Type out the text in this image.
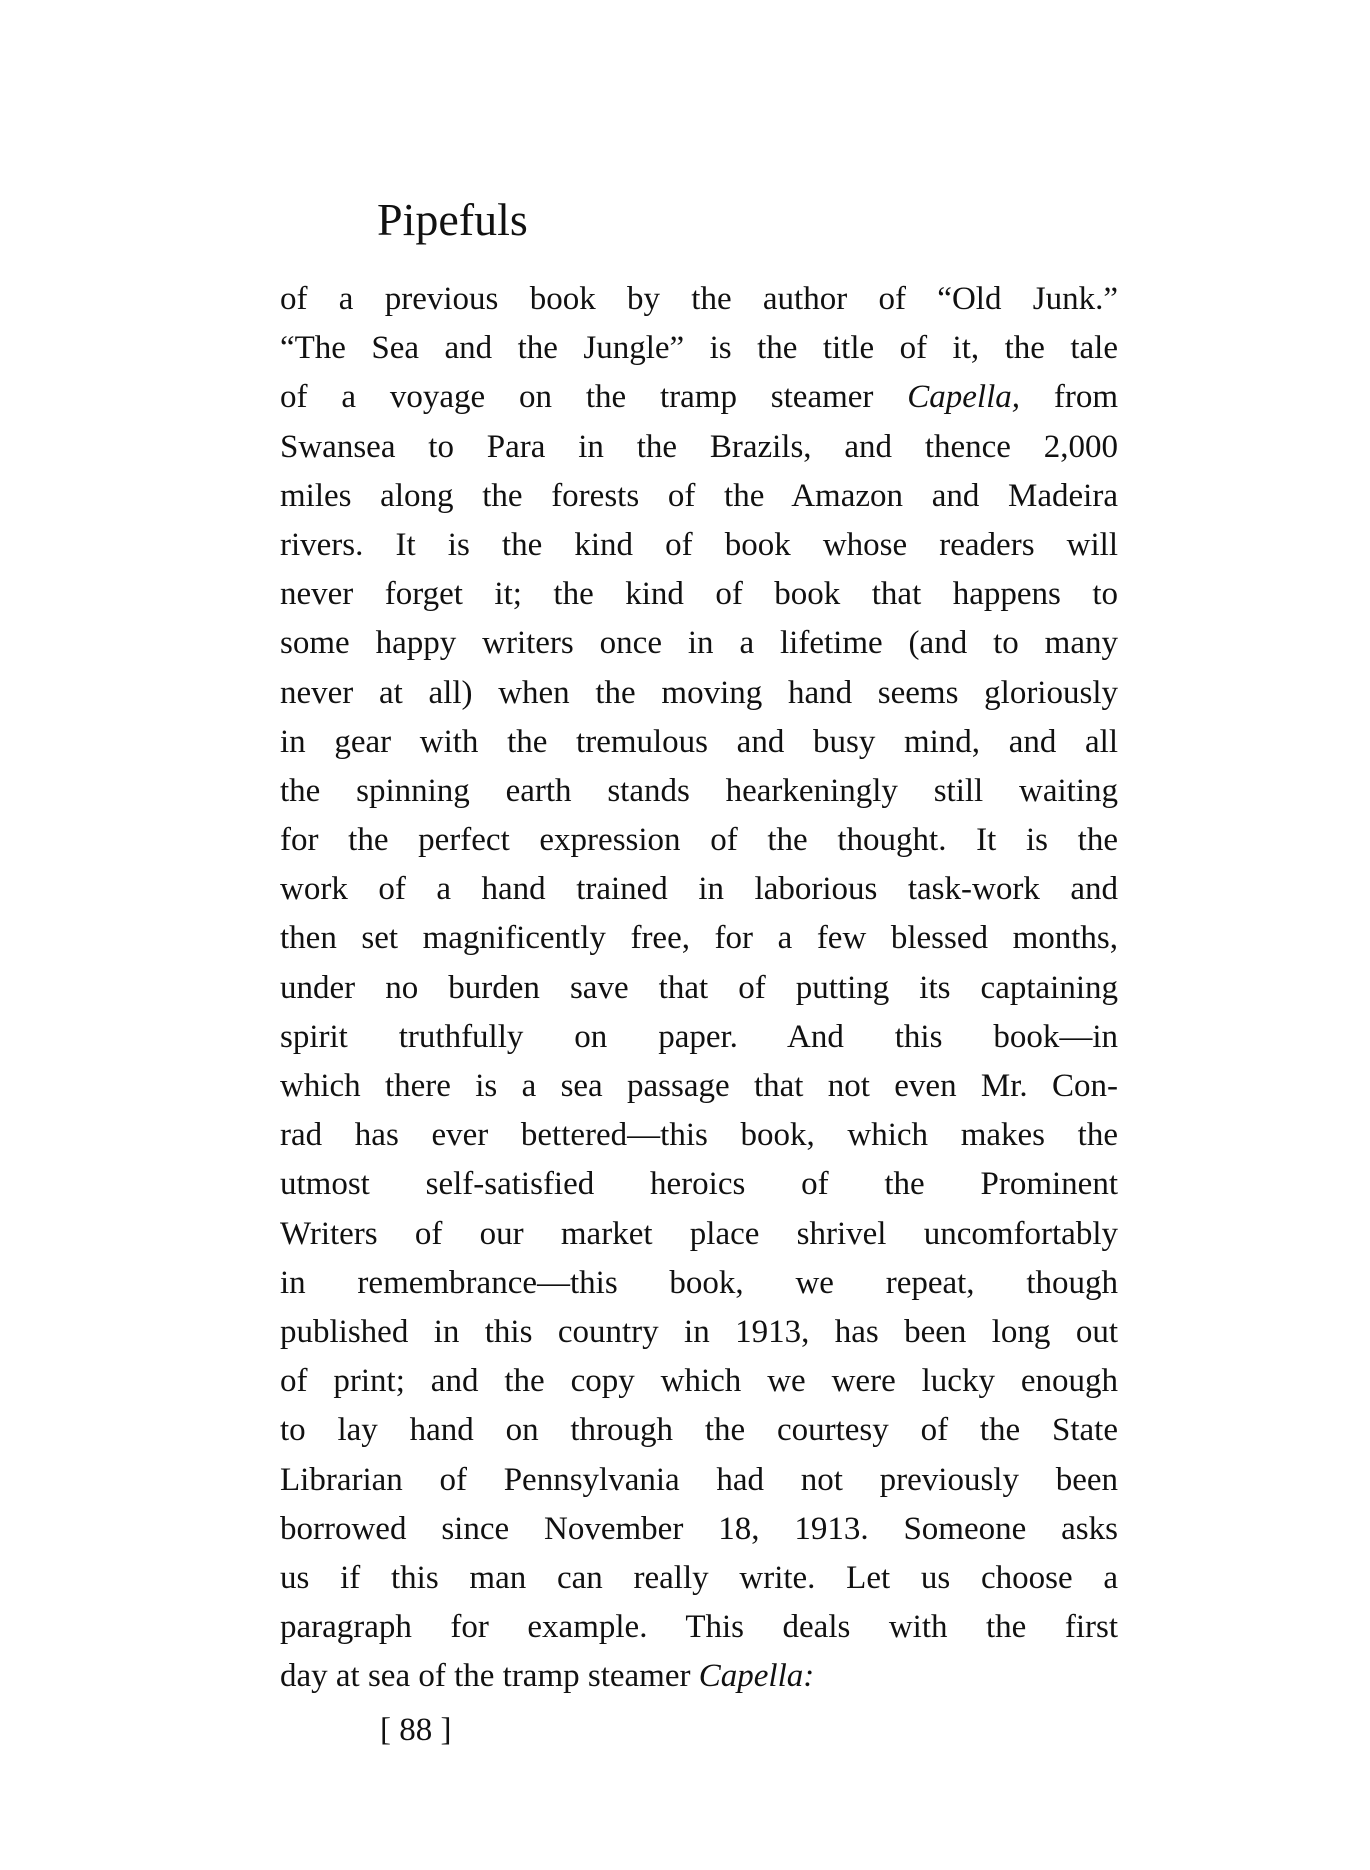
Pipefuls
of a previous book by the author of “Old Junk.”
“The Sea and the Jungle” is the title of it, the tale
of a voyage on the tramp steamer Capella, from
Swansea to Para in the Brazils, and thence 2,000
miles along the forests of the Amazon and Madeira
rivers. It is the kind of book whose readers will
never forget it; the kind of book that happens to
some happy writers once in a lifetime (and to many
never at all) when the moving hand seems gloriously
in gear with the tremulous and busy mind, and all
the spinning earth stands hearkeningly still waiting
for the perfect expression of the thought. It is the
work of a hand trained in laborious task-work and
then set magnificently free, for a few blessed months,
under no burden save that of putting its captaining
spirit truthfully on paper. And this book—in
which there is a sea passage that not even Mr. Con-
rad has ever bettered—this book, which makes the
utmost self-satisfied heroics of the Prominent
Writers of our market place shrivel uncomfortably
in remembrance—this book, we repeat, though
published in this country in 1913, has been long out
of print; and the copy which we were lucky enough
to lay hand on through the courtesy of the State
Librarian of Pennsylvania had not previously been
borrowed since November 18, 1913. Someone asks
us if this man can really write. Let us choose a
paragraph for example. This deals with the first
day at sea of the tramp steamer Capella:
[ 88 ]
